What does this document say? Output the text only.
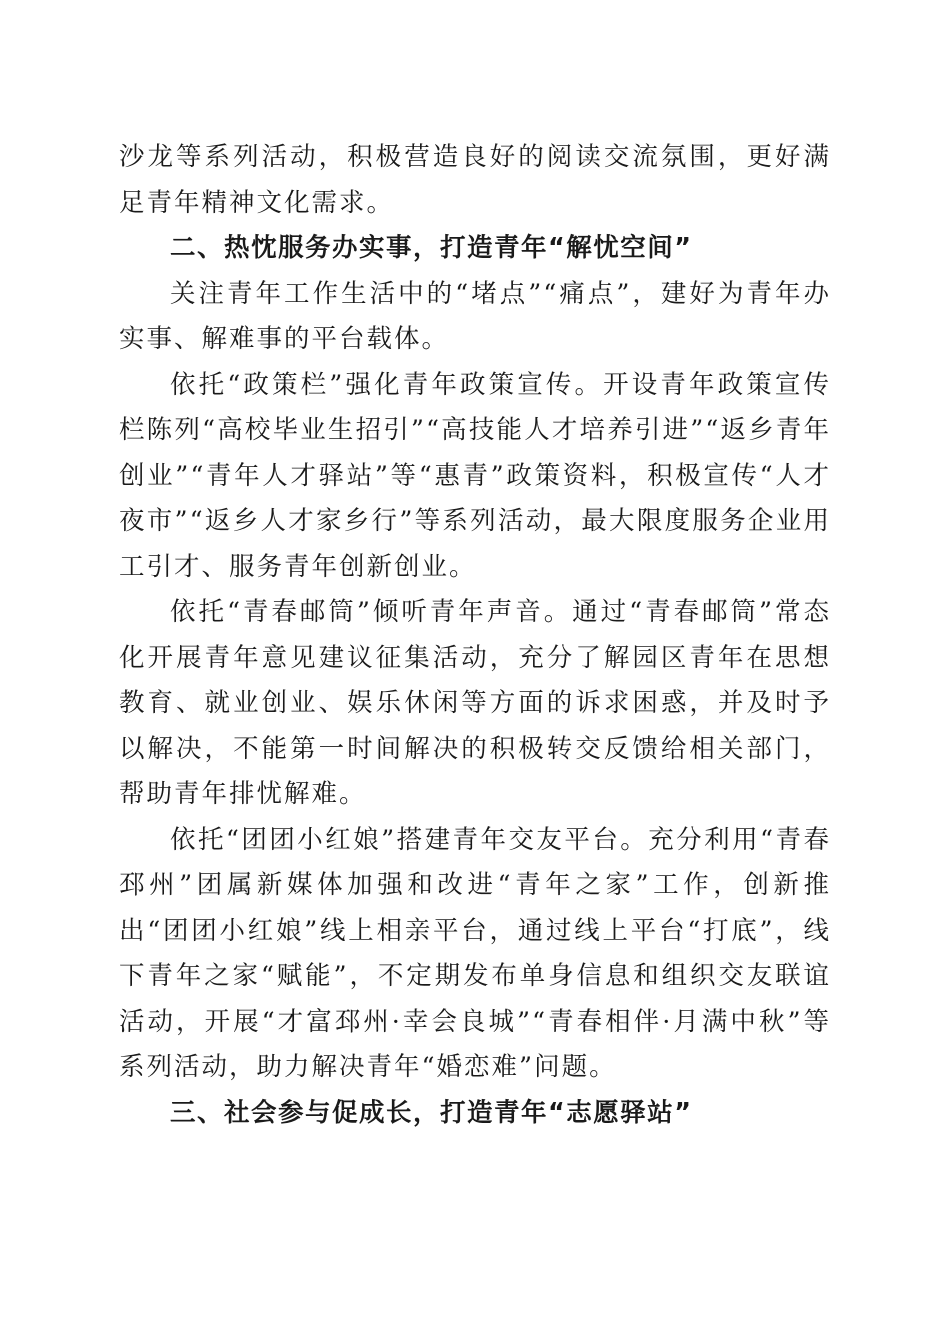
沙龙等系列活动，积极营造良好的阅读交流氛围，更好满足青年精神文化需求。

二、热忱服务办实事，打造青年“解忧空间”

关注青年工作生活中的“堵点”“痛点”，建好为青年办实事、解难事的平台载体。

依托“政策栏”强化青年政策宣传。开设青年政策宣传栏陈列“高校毕业生招引”“高技能人才培养引进”“返乡青年创业”“青年人才驿站”等“惠青”政策资料，积极宣传“人才夜市”“返乡人才家乡行”等系列活动，最大限度服务企业用工引才、服务青年创新创业。

依托“青春邮筒”倾听青年声音。通过“青春邮筒”常态化开展青年意见建议征集活动，充分了解园区青年在思想教育、就业创业、娱乐休闲等方面的诉求困惑，并及时予以解决，不能第一时间解决的积极转交反馈给相关部门，帮助青年排忧解难。

依托“团团小红娘”搭建青年交友平台。充分利用“青春邳州”团属新媒体加强和改进“青年之家”工作，创新推出“团团小红娘”线上相亲平台，通过线上平台“打底”，线下青年之家“赋能”，不定期发布单身信息和组织交友联谊活动，开展“才富邳州·幸会良城”“青春相伴·月满中秋”等系列活动，助力解决青年“婚恋难”问题。

三、社会参与促成长，打造青年“志愿驿站”
